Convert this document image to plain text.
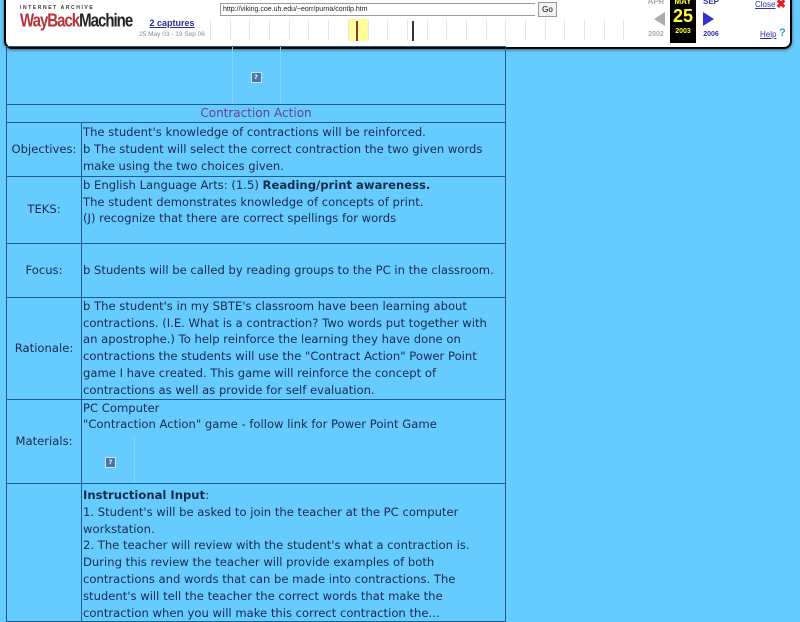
INTERNET ARCHIVE
WayBackMachine	2 captures
25 May 03 - 19 Sep 06
http://viking.coe.uh.edu/~eorr/purna/contlp.htm	Go
APR
2002
MAY
25
2003
SEP
2006
Close ✖
Help ?
?	
Contraction Action	
Objectives:	The student's knowledge of contractions will be reinforced.
b The student will select the correct contraction the two given words make using the two choices given.

TEKS:	b English Language Arts: (1.5) Reading/print awareness.
The student demonstrates knowledge of concepts of print.
(J) recognize that there are correct spellings for words

Focus:	b Students will be called by reading groups to the PC in the classroom.
Rationale:	b The student's in my SBTE's classroom have been learning about contractions. (I.E. What is a contraction? Two words put together with an apostrophe.) To help reinforce the learning they have done on contractions the students will use the "Contract Action" Power Point game I have created. This game will reinforce the concept of contractions as well as provide for self evaluation.
Materials:	PC Computer
"Contraction Action" game - follow link for Power Point Game
?

	Instructional Input:
1. Student's will be asked to join the teacher at the PC computer workstation.
2. The teacher will review with the student's what a contraction is. During this review the teacher will provide examples of both contractions and words that can be made into contractions. The student's will tell the teacher the correct words that make the contraction when you will make this correct contraction the...
